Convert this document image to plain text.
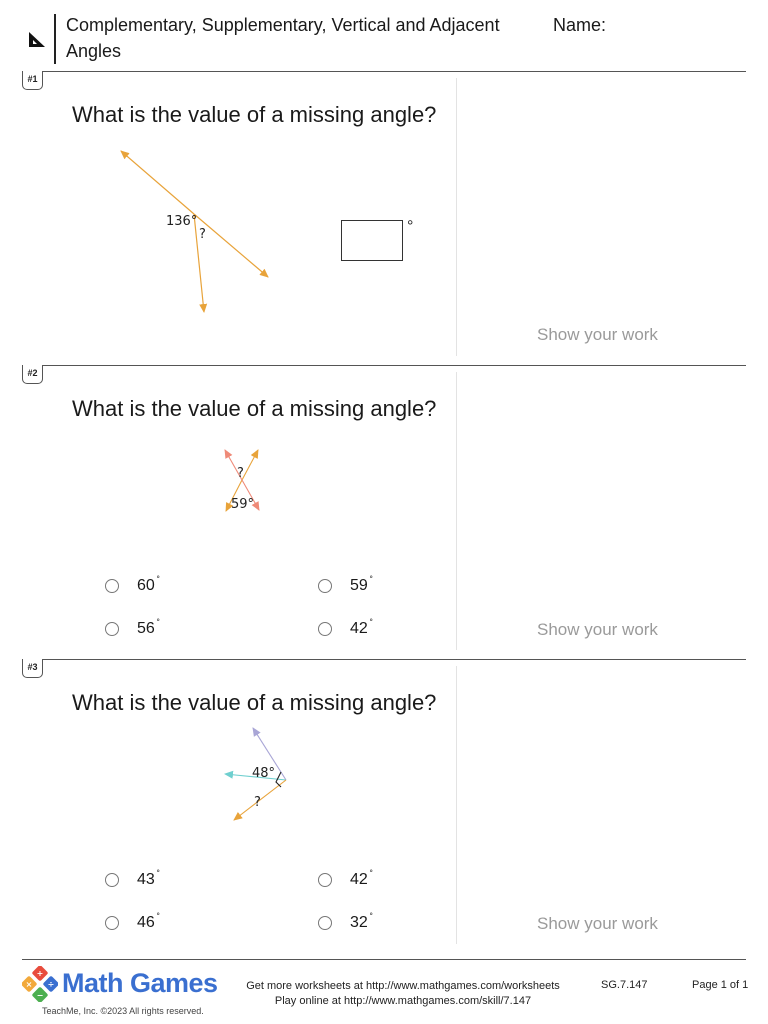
Complementary, Supplementary, Vertical and Adjacent Angles
Name:
#1
What is the value of a missing angle?
136°
?	°
Show your work
#2
What is the value of a missing angle?
?
59°
60 ˚	59 ˚
56 ˚	42 ˚	Show your work
#3
What is the value of a missing angle?
48°
?
43 ˚	42 ˚
46 ˚	32 ˚	Show your work
+
× ÷
− Math Games
TeachMe, Inc. ©2023 All rights reserved.
Get more worksheets at http://www.mathgames.com/worksheets
Play online at http://www.mathgames.com/skill/7.147
SG.7.147	Page 1 of 1
